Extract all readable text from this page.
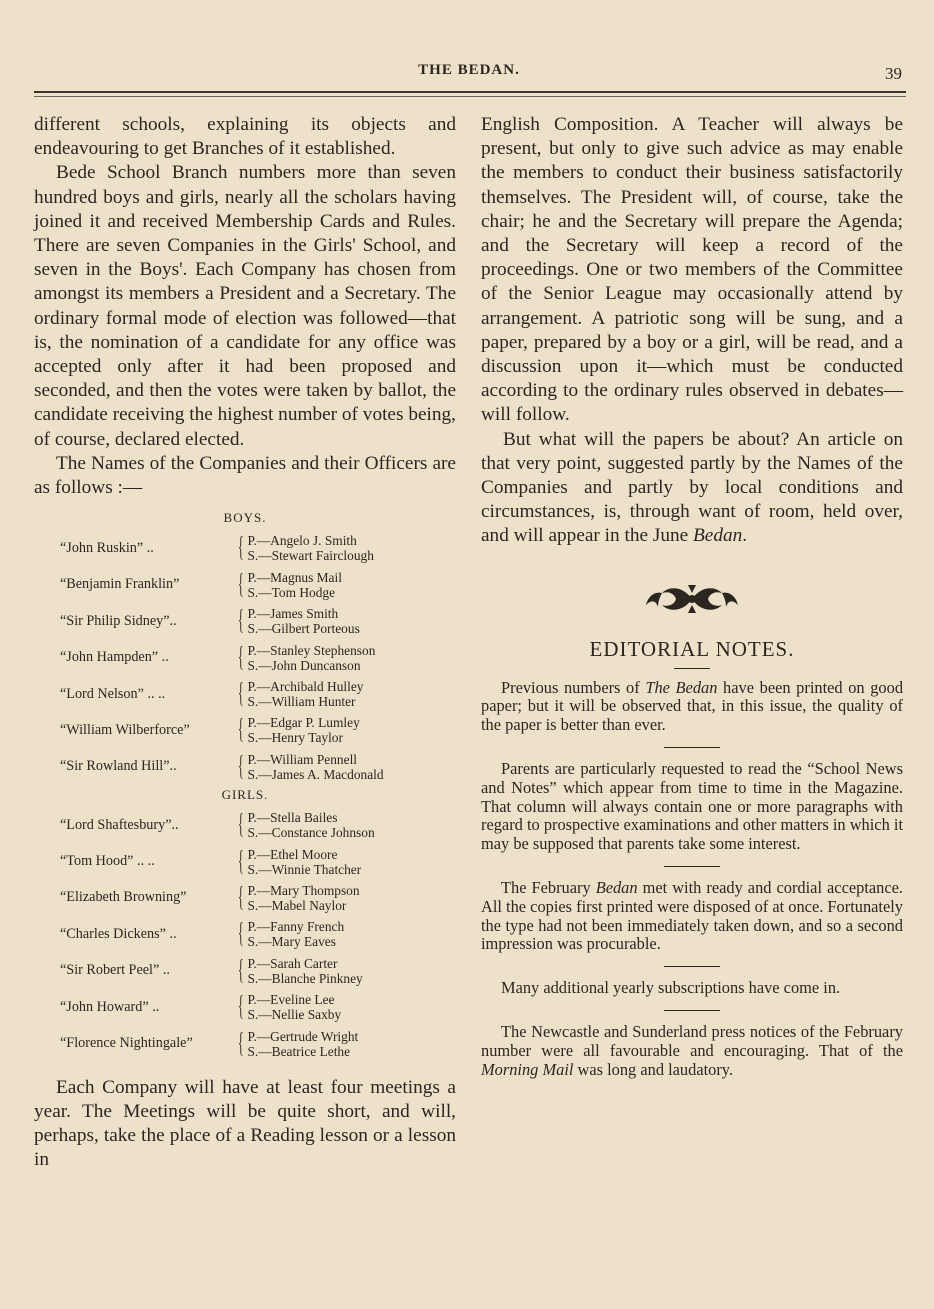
THE BEDAN.	39

different schools, explaining its objects and endeavouring to get Branches of it established.

Bede School Branch numbers more than seven hundred boys and girls, nearly all the scholars having joined it and received Membership Cards and Rules. There are seven Companies in the Girls' School, and seven in the Boys'. Each Company has chosen from amongst its members a President and a Secretary. The ordinary formal mode of election was followed—that is, the nomination of a candidate for any office was accepted only after it had been proposed and seconded, and then the votes were taken by ballot, the candidate receiving the highest number of votes being, of course, declared elected.

The Names of the Companies and their Officers are as follows :—

BOYS.
“John Ruskin” ..	{ P.—Angelo J. Smith
S.—Stewart Fairclough
“Benjamin Franklin”	{ P.—Magnus Mail
S.—Tom Hodge
“Sir Philip Sidney”..	{ P.—James Smith
S.—Gilbert Porteous
“John Hampden” ..	{ P.—Stanley Stephenson
S.—John Duncanson
“Lord Nelson” .. ..	{ P.—Archibald Hulley
S.—William Hunter
“William Wilberforce”	{ P.—Edgar P. Lumley
S.—Henry Taylor
“Sir Rowland Hill”..	{ P.—William Pennell
S.—James A. Macdonald
GIRLS.
“Lord Shaftesbury”..	{ P.—Stella Bailes
S.—Constance Johnson
“Tom Hood” .. ..	{ P.—Ethel Moore
S.—Winnie Thatcher
“Elizabeth Browning”	{ P.—Mary Thompson
S.—Mabel Naylor
“Charles Dickens” ..	{ P.—Fanny French
S.—Mary Eaves
“Sir Robert Peel” ..	{ P.—Sarah Carter
S.—Blanche Pinkney
“John Howard” ..	{ P.—Eveline Lee
S.—Nellie Saxby
“Florence Nightingale”	{ P.—Gertrude Wright
S.—Beatrice Lethe

Each Company will have at least four meetings a year. The Meetings will be quite short, and will, perhaps, take the place of a Reading lesson or a lesson in

English Composition. A Teacher will always be present, but only to give such advice as may enable the members to conduct their business satisfactorily themselves. The President will, of course, take the chair; he and the Secretary will prepare the Agenda; and the Secretary will keep a record of the proceedings. One or two members of the Committee of the Senior League may occasionally attend by arrangement. A patriotic song will be sung, and a paper, prepared by a boy or a girl, will be read, and a discussion upon it—which must be conducted according to the ordinary rules observed in debates—will follow.

But what will the papers be about? An article on that very point, suggested partly by the Names of the Companies and partly by local conditions and circumstances, is, through want of room, held over, and will appear in the June Bedan.

EDITORIAL NOTES.

Previous numbers of The Bedan have been printed on good paper; but it will be observed that, in this issue, the quality of the paper is better than ever.

Parents are particularly requested to read the “School News and Notes” which appear from time to time in the Magazine. That column will always contain one or more paragraphs with regard to prospective examinations and other matters in which it may be supposed that parents take some interest.

The February Bedan met with ready and cordial acceptance. All the copies first printed were disposed of at once. Fortunately the type had not been immediately taken down, and so a second impression was procurable.

Many additional yearly subscriptions have come in.

The Newcastle and Sunderland press notices of the February number were all favourable and encouraging. That of the Morning Mail was long and laudatory.
